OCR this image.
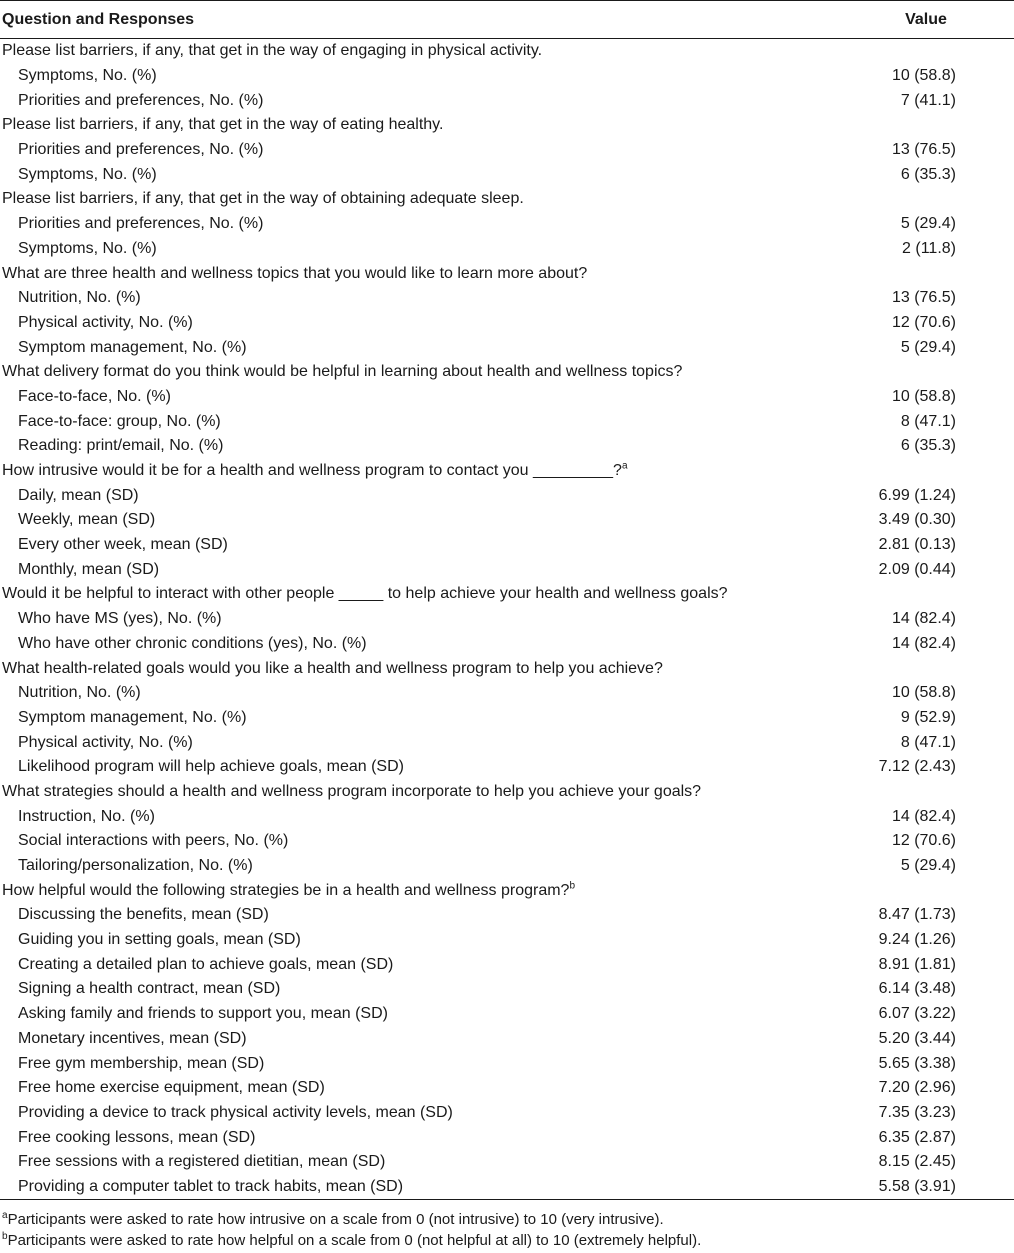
Question and Responses	Value
Please list barriers, if any, that get in the way of engaging in physical activity.	
Symptoms, No. (%)	10 (58.8)
Priorities and preferences, No. (%)	7 (41.1)
Please list barriers, if any, that get in the way of eating healthy.	
Priorities and preferences, No. (%)	13 (76.5)
Symptoms, No. (%)	6 (35.3)
Please list barriers, if any, that get in the way of obtaining adequate sleep.	
Priorities and preferences, No. (%)	5 (29.4)
Symptoms, No. (%)	2 (11.8)
What are three health and wellness topics that you would like to learn more about?	
Nutrition, No. (%)	13 (76.5)
Physical activity, No. (%)	12 (70.6)
Symptom management, No. (%)	5 (29.4)
What delivery format do you think would be helpful in learning about health and wellness topics?	
Face-to-face, No. (%)	10 (58.8)
Face-to-face: group, No. (%)	8 (47.1)
Reading: print/email, No. (%)	6 (35.3)
How intrusive would it be for a health and wellness program to contact you _________?$^a$
Daily, mean (SD)	6.99 (1.24)
Weekly, mean (SD)	3.49 (0.30)
Every other week, mean (SD)	2.81 (0.13)
Monthly, mean (SD)	2.09 (0.44)
Would it be helpful to interact with other people _____ to help achieve your health and wellness goals?	
Who have MS (yes), No. (%)	14 (82.4)
Who have other chronic conditions (yes), No. (%)	14 (82.4)
What health-related goals would you like a health and wellness program to help you achieve?	
Nutrition, No. (%)	10 (58.8)
Symptom management, No. (%)	9 (52.9)
Physical activity, No. (%)	8 (47.1)
Likelihood program will help achieve goals, mean (SD)	7.12 (2.43)
What strategies should a health and wellness program incorporate to help you achieve your goals?	
Instruction, No. (%)	14 (82.4)
Social interactions with peers, No. (%)	12 (70.6)
Tailoring/personalization, No. (%)	5 (29.4)
How helpful would the following strategies be in a health and wellness program?$^b$
Discussing the benefits, mean (SD)	8.47 (1.73)
Guiding you in setting goals, mean (SD)	9.24 (1.26)
Creating a detailed plan to achieve goals, mean (SD)	8.91 (1.81)
Signing a health contract, mean (SD)	6.14 (3.48)
Asking family and friends to support you, mean (SD)	6.07 (3.22)
Monetary incentives, mean (SD)	5.20 (3.44)
Free gym membership, mean (SD)	5.65 (3.38)
Free home exercise equipment, mean (SD)	7.20 (2.96)
Providing a device to track physical activity levels, mean (SD)	7.35 (3.23)
Free cooking lessons, mean (SD)	6.35 (2.87)
Free sessions with a registered dietitian, mean (SD)	8.15 (2.45)
Providing a computer tablet to track habits, mean (SD)	5.58 (3.91)
$^a$Participants were asked to rate how intrusive on a scale from 0 (not intrusive) to 10 (very intrusive).
$^b$Participants were asked to rate how helpful on a scale from 0 (not helpful at all) to 10 (extremely helpful).
